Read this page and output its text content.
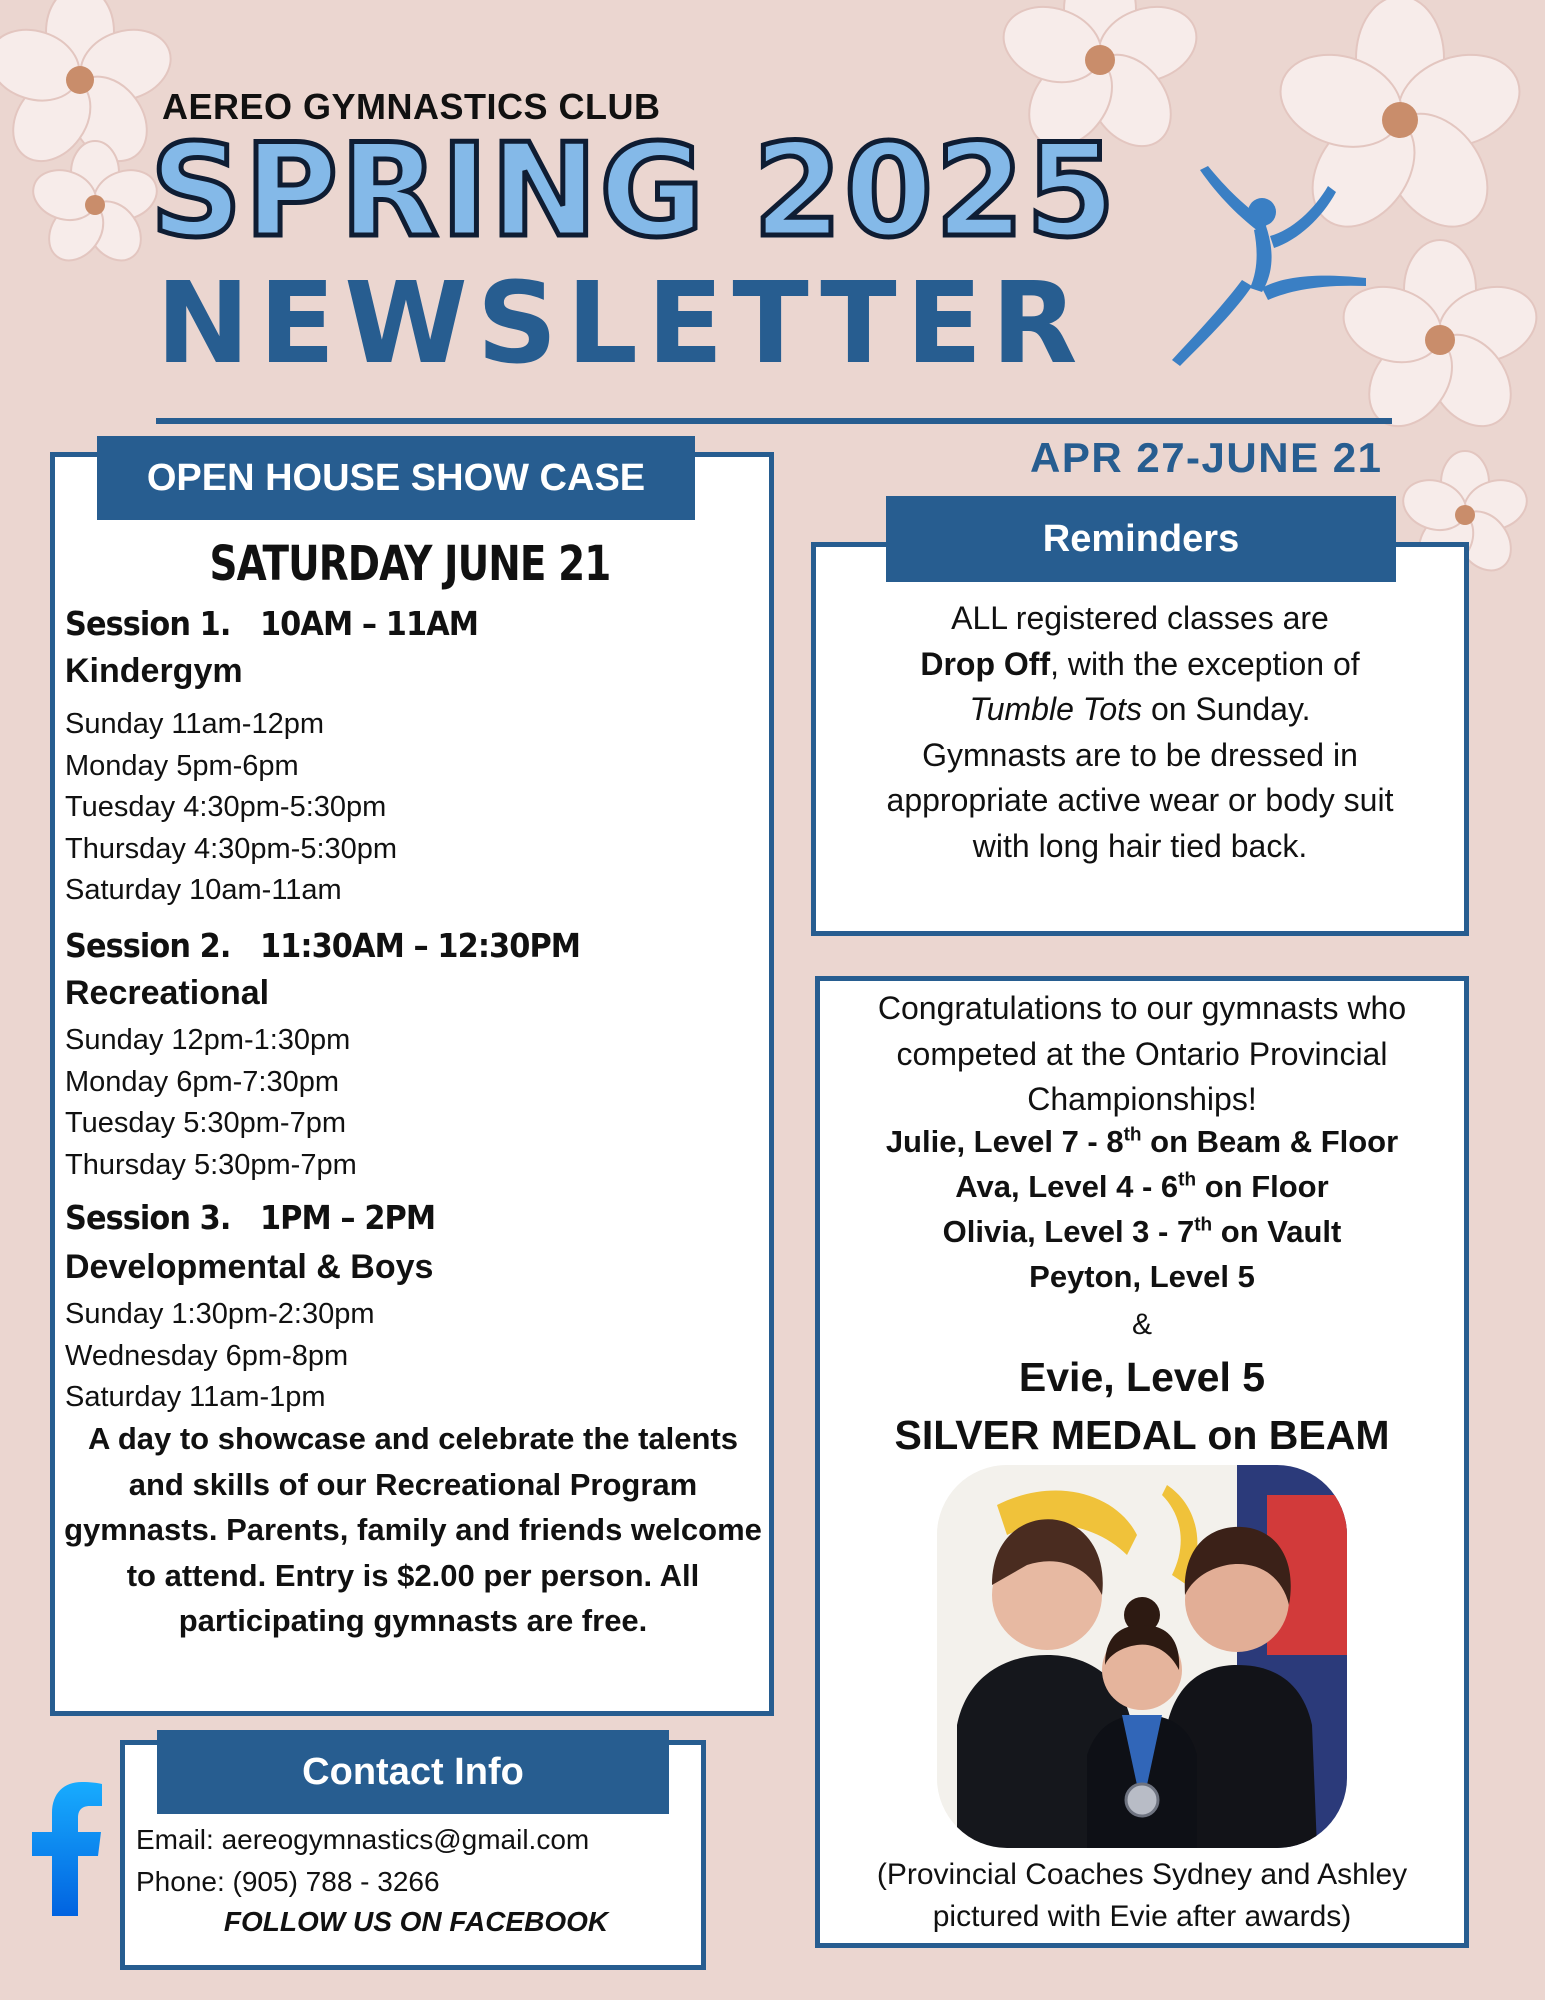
AEREO GYMNASTICS CLUB
SPRING 2025
NEWSLETTER
APR 27-JUNE 21
OPEN HOUSE SHOW CASE
SATURDAY JUNE 21
Session 1. 10AM – 11AM
Kindergym
Sunday 11am-12pm
Monday 5pm-6pm
Tuesday 4:30pm-5:30pm
Thursday 4:30pm-5:30pm
Saturday 10am-11am
Session 2. 11:30AM – 12:30PM
Recreational
Sunday 12pm-1:30pm
Monday 6pm-7:30pm
Tuesday 5:30pm-7pm
Thursday 5:30pm-7pm
Session 3. 1PM – 2PM
Developmental & Boys
Sunday 1:30pm-2:30pm
Wednesday 6pm-8pm
Saturday 11am-1pm
A day to showcase and celebrate the talents and skills of our Recreational Program gymnasts. Parents, family and friends welcome to attend. Entry is $2.00 per person. All participating gymnasts are free.
Reminders
ALL registered classes are
Drop Off, with the exception of
Tumble Tots on Sunday.
Gymnasts are to be dressed in appropriate active wear or body suit with long hair tied back.
Congratulations to our gymnasts who competed at the Ontario Provincial Championships!
Julie, Level 7 - 8th on Beam & Floor
Ava, Level 4 - 6th on Floor
Olivia, Level 3 - 7th on Vault
Peyton, Level 5
&
Evie, Level 5
SILVER MEDAL on BEAM
(Provincial Coaches Sydney and Ashley pictured with Evie after awards)
Contact Info
Email: aereogymnastics@gmail.com
Phone: (905) 788 - 3266
FOLLOW US ON FACEBOOK
